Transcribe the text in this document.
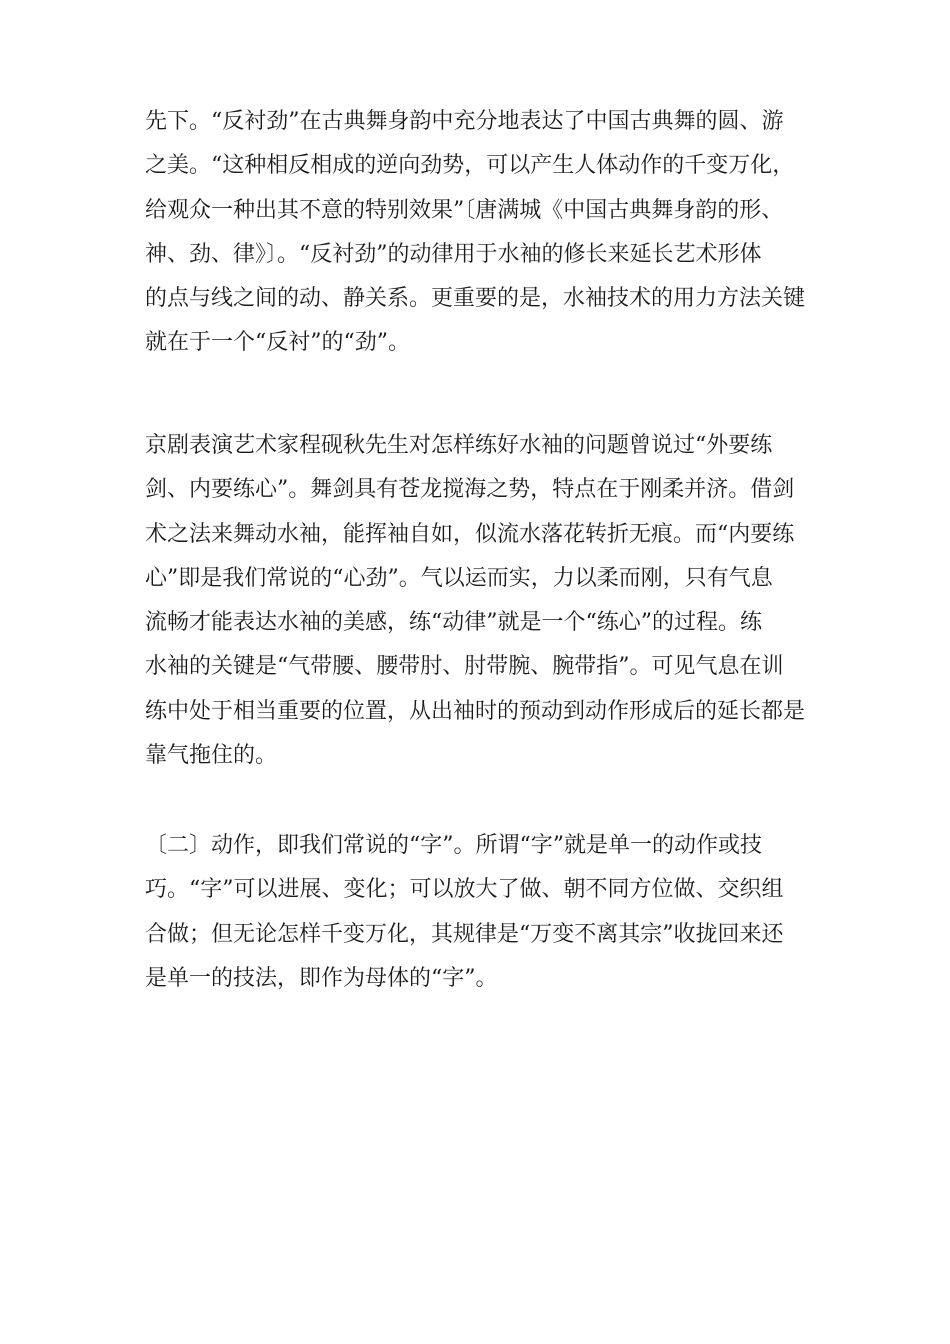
先下。“反衬劲”在古典舞身韵中充分地表达了中国古典舞的圆、游
之美。“这种相反相成的逆向劲势，可以产生人体动作的千变万化，
给观众一种出其不意的特别效果”〔唐满城《中国古典舞身韵的形、
神、劲、律》〕。“反衬劲”的动律用于水袖的修长来延长艺术形体
的点与线之间的动、静关系。更重要的是，水袖技术的用力方法关键
就在于一个“反衬”的“劲”。
京剧表演艺术家程砚秋先生对怎样练好水袖的问题曾说过“外要练
剑、内要练心”。舞剑具有苍龙搅海之势，特点在于刚柔并济。借剑
术之法来舞动水袖，能挥袖自如，似流水落花转折无痕。而“内要练
心”即是我们常说的“心劲”。气以运而实，力以柔而刚，只有气息
流畅才能表达水袖的美感，练“动律”就是一个“练心”的过程。练
水袖的关键是“气带腰、腰带肘、肘带腕、腕带指”。可见气息在训
练中处于相当重要的位置，从出袖时的预动到动作形成后的延长都是
靠气拖住的。
〔二〕动作，即我们常说的“字”。所谓“字”就是单一的动作或技
巧。“字”可以进展、变化；可以放大了做、朝不同方位做、交织组
合做；但无论怎样千变万化，其规律是“万变不离其宗”收拢回来还
是单一的技法，即作为母体的“字”。
